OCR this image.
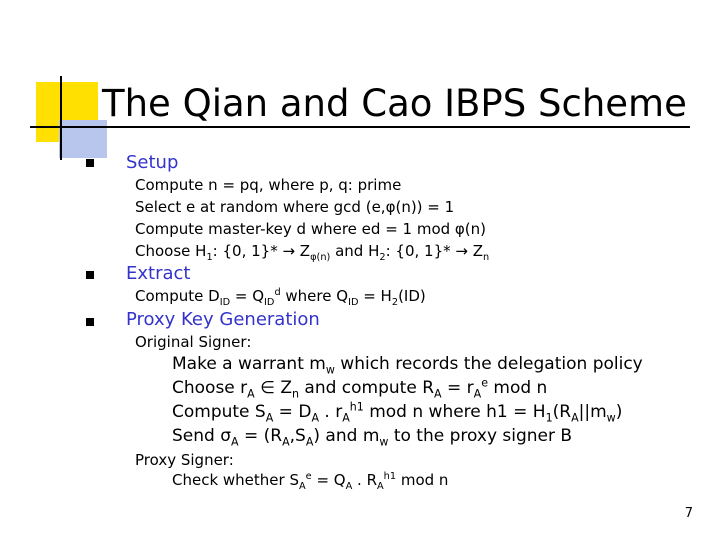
The Qian and Cao IBPS Scheme
Setup
Compute n = pq, where p, q: prime
Select e at random where gcd (e,φ(n)) = 1
Compute master-key d where ed = 1 mod φ(n)
Choose $H_1$: {0, $1\}* \to Z_{\varphi(n)}$ and $H_2$: {0, $1\}* \to Z_n$
Extract
Compute $D_{ID} = Q_{ID}^d$ where $Q_{ID} = H_2(ID)$
Proxy Key Generation
Original Signer:
Make a warrant $m_w$ which records the delegation policy
Choose $r_A$ ∈ $Z_n$ and compute $R_A = r_A^e$ mod n
Compute $S_A = D_A$ . $r_A^{h1}$ mod n where $h1 = H_1(R_A||m_w)$
Send $\sigma_A = (R_A,S_A)$ and $m_w$ to the proxy signer B
Proxy Signer:
Check whether $S_A^e = Q_A$ . $R_A^{h1}$ mod n
7
